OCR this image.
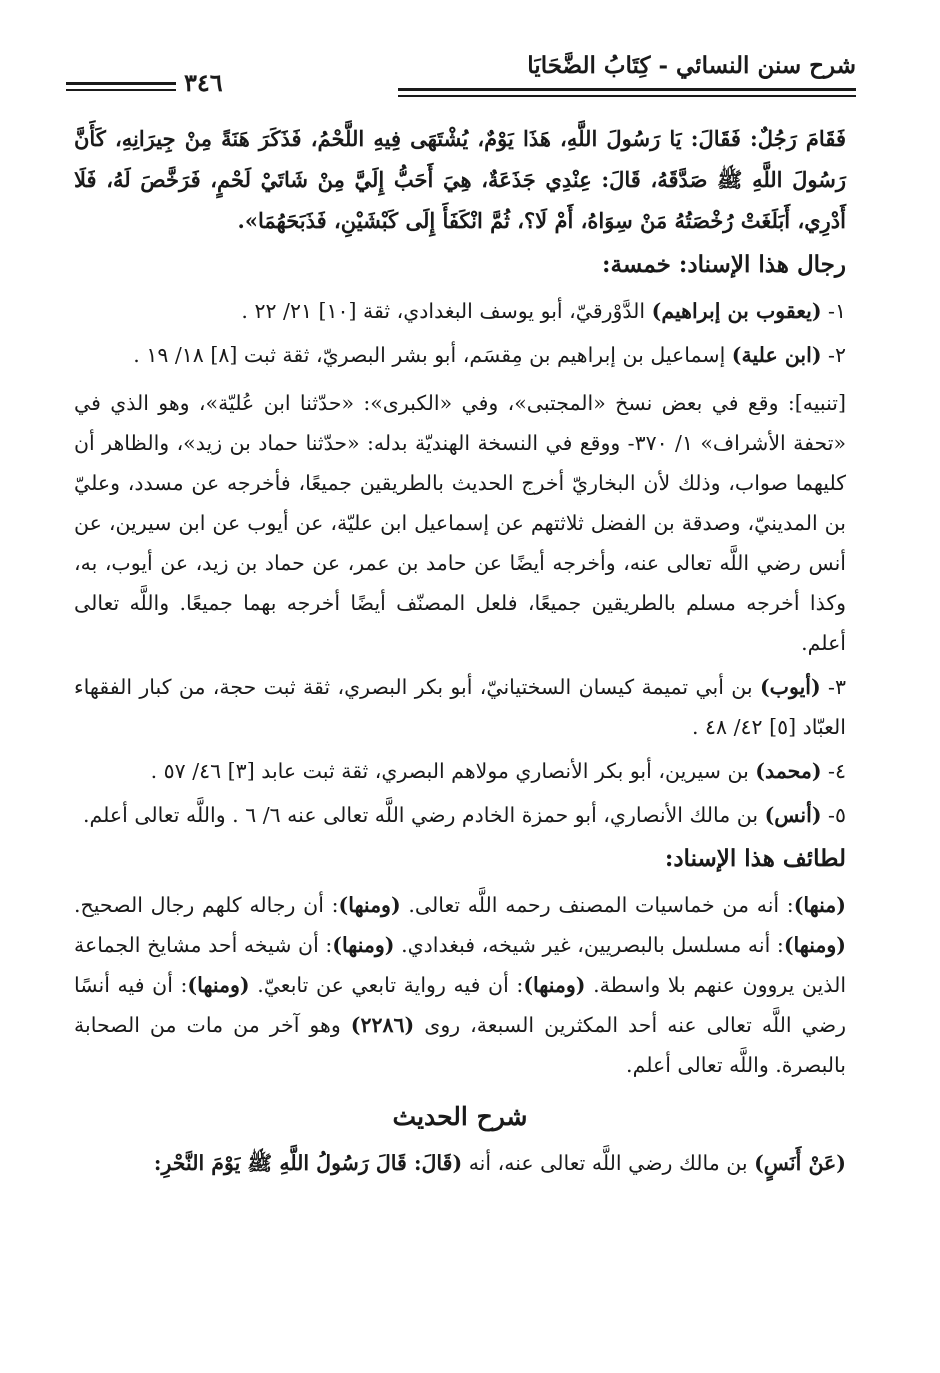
شرح سنن النسائي - كِتَابُ الضَّحَايَا
٣٤٦

فَقَامَ رَجُلٌ: فَقَالَ: يَا رَسُولَ اللَّهِ، هَذَا يَوْمٌ، يُشْتَهَى فِيهِ اللَّحْمُ، فَذَكَرَ هَنَةً مِنْ جِيرَانِهِ، كَأَنَّ رَسُولَ اللَّهِ ﷺ صَدَّقَهُ، قَالَ: عِنْدِي جَذَعَةٌ، هِيَ أَحَبُّ إِلَيَّ مِنْ شَاتَيْ لَحْمٍ، فَرَخَّصَ لَهُ، فَلَا أَدْرِي، أَبَلَغَتْ رُخْصَتُهُ مَنْ سِوَاهُ، أَمْ لَا؟، ثُمَّ انْكَفَأَ إِلَى كَبْشَيْنِ، فَذَبَحَهُمَا».

رجال هذا الإسناد: خمسة:

١- (يعقوب بن إبراهيم) الدَّوْرقيّ، أبو يوسف البغدادي، ثقة [١٠] ٢١/ ٢٢ .

٢- (ابن علية) إسماعيل بن إبراهيم بن مِقسَم، أبو بشر البصريّ، ثقة ثبت [٨] ١٨/ ١٩ .

[تنبيه]: وقع في بعض نسخ «المجتبى»، وفي «الكبرى»: «حدّثنا ابن عُليّة»، وهو الذي في «تحفة الأشراف» ١/ ٣٧٠- ووقع في النسخة الهنديّة بدله: «حدّثنا حماد بن زيد»، والظاهر أن كليهما صواب، وذلك لأن البخاريّ أخرج الحديث بالطريقين جميعًا، فأخرجه عن مسدد، وعليّ بن المدينيّ، وصدقة بن الفضل ثلاثتهم عن إسماعيل ابن عليّة، عن أيوب عن ابن سيرين، عن أنس رضي اللَّه تعالى عنه، وأخرجه أيضًا عن حامد بن عمر، عن حماد بن زيد، عن أيوب، به، وكذا أخرجه مسلم بالطريقين جميعًا، فلعل المصنّف أيضًا أخرجه بهما جميعًا. واللَّه تعالى أعلم.

٣- (أيوب) بن أبي تميمة كيسان السختيانيّ، أبو بكر البصري، ثقة ثبت حجة، من كبار الفقهاء العبّاد [٥] ٤٢/ ٤٨ .

٤- (محمد) بن سيرين، أبو بكر الأنصاري مولاهم البصري، ثقة ثبت عابد [٣] ٤٦/ ٥٧ .

٥- (أنس) بن مالك الأنصاري، أبو حمزة الخادم رضي اللَّه تعالى عنه ٦/ ٦ . واللَّه تعالى أعلم.

لطائف هذا الإسناد:

(منها): أنه من خماسيات المصنف رحمه اللَّه تعالى. (ومنها): أن رجاله كلهم رجال الصحيح. (ومنها): أنه مسلسل بالبصريين، غير شيخه، فبغدادي. (ومنها): أن شيخه أحد مشايخ الجماعة الذين يروون عنهم بلا واسطة. (ومنها): أن فيه رواية تابعي عن تابعيّ. (ومنها): أن فيه أنسًا رضي اللَّه تعالى عنه أحد المكثرين السبعة، روى (٢٢٨٦) وهو آخر من مات من الصحابة بالبصرة. واللَّه تعالى أعلم.

شرح الحديث

(عَنْ أَنَسٍ) بن مالك رضي اللَّه تعالى عنه، أنه (قَالَ: قَالَ رَسُولُ اللَّهِ ﷺ يَوْمَ النَّحْرِ:
